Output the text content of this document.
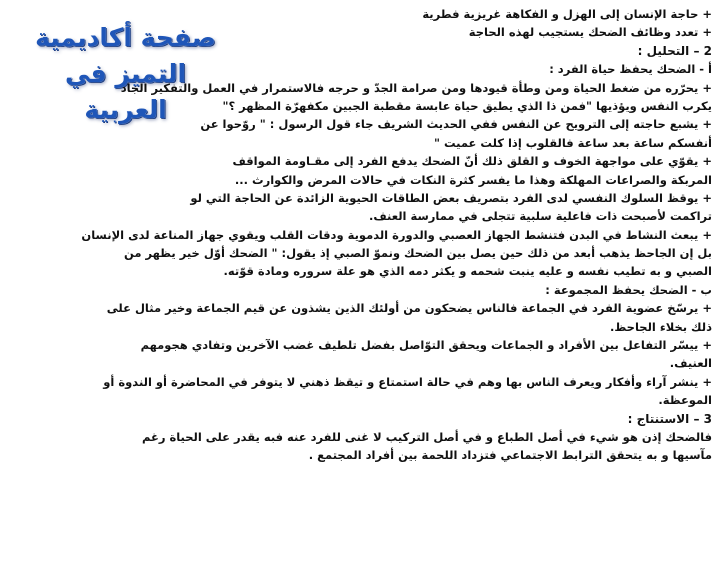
صفحة أكاديمية التميز في
العربية
+ حاجة الإنسان إلى الهزل و الفكاهة غريزية فطرية
+ تعدد وظائف الضحك يستجيب لهذه الحاجة
2 – التحليل :
أ - الضحك يحفظ حياة الفرد :
+ يحرّره من ضغط الحياة ومن وطأة قيودها ومن صرامة الجدّ و حرجه فالاستمرار في العمل والتفكير الجاد
يكرب النفس ويؤذيها "فمن ذا الذي يطيق حياة عابسة مقطبة الجبين مكفهرّة المظهر ؟"
+ يشبع حاجته إلى الترويح عن النفس ففي الحديث الشريف جاء قول الرسول : " روّحوا عن
أنفسكم ساعة بعد ساعة فالقلوب إذا كلت عميت "
+ يقوّي على مواجهة الخوف و القلق ذلك أنّ الضحك يدفع الفرد إلى مقـاومة المواقف
المربكة والصراعات المهلكة وهذا ما يفسر كثرة النكات في حالات المرض والكوارث ...
+ يوقظ السلوك النفسي لدى الفرد بتصريف بعض الطاقات الحيوية الزائدة عن الحاجة التي لو
تراكمت لأصبحت ذات فاعلية سلبية تتجلى في ممارسة العنف.
+ يبعث النشاط في البدن فتنشط الجهاز العصبي والدورة الدموية ودقات القلب ويقوي جهاز المناعة لدى الإنسان
بل إن الجاحظ يذهب أبعد من ذلك حين يصل بين الضحك ونموّ الصبي إذ يقول: " الضحك أوّل خير يظهر من
الصبي و به تطيب نفسه و عليه ينبت شحمه و يكثر دمه الذي هو علة سروره ومادة قوّته.
ب - الضحك يحفظ المجموعة :
+ يرسّخ عضوية الفرد في الجماعة فالناس يضحكون من أولئك الذين يشذون عن قيم الجماعة وخير مثال على
ذلك بخلاء الجاحظ.
+ ييسّر التفاعل بين الأفراد و الجماعات ويحقق التوّاصل بفضل تلطيف غضب الآخرين وتفادي هجومهم
العنيف.
+ ينشر آراء وأفكار ويعرف الناس بها وهم في حالة استمتاع و تيقظ ذهني لا يتوفر في المحاضرة أو الندوة أو
الموعظة.
3 – الاستنتاج :
فالضحك إذن هو شيء في أصل الطباع و في أصل التركيب لا غنى للفرد عنه فبه يقدر على الحياة رغم
مآسيها و به يتحقق الترابط الاجتماعي فتزداد اللحمة بين أفراد المجتمع .
